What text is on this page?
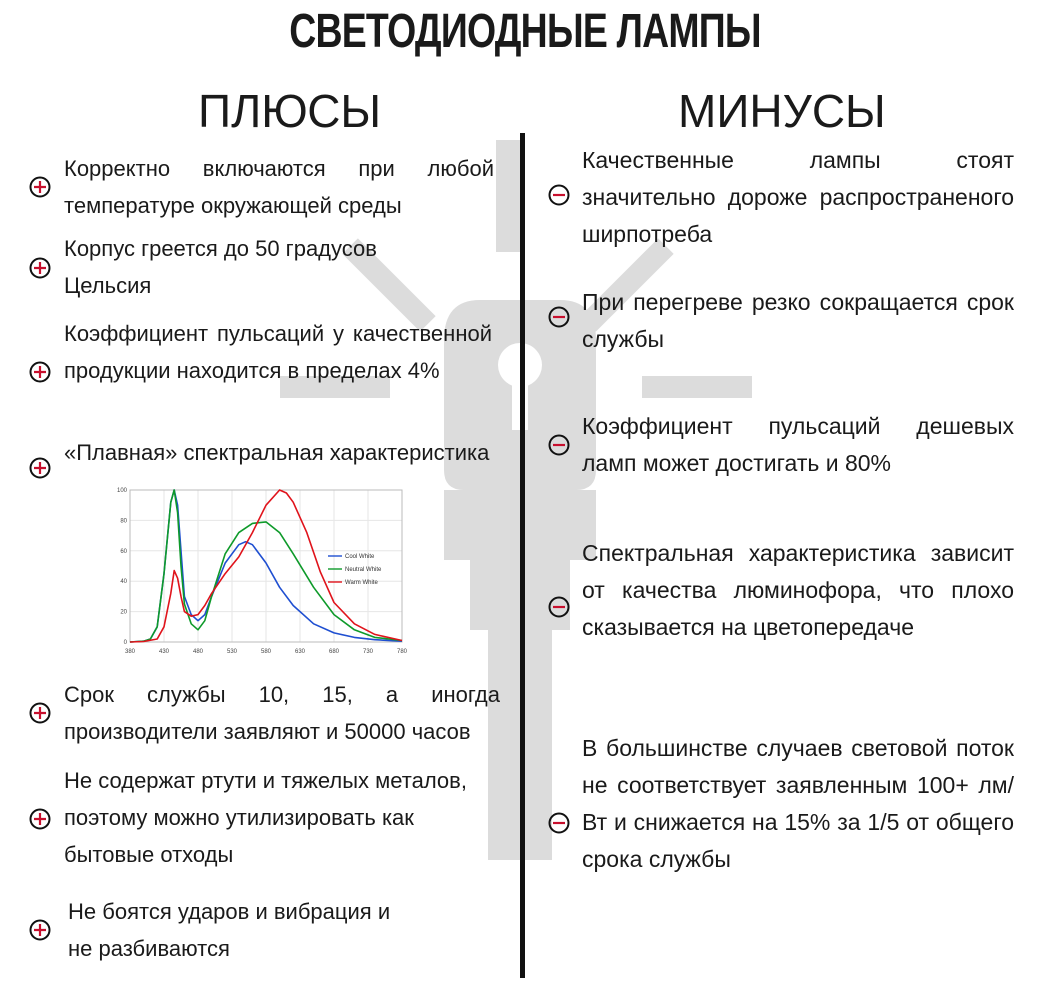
СВЕТОДИОДНЫЕ ЛАМПЫ
ПЛЮСЫ	МИНУСЫ
Корректно включаются при любой температуре окружающей среды
Корпус греется до 50 градусов Цельсия
Коэффициент пульсаций у качественной продукции находится в пределах 4%
«Плавная» спектральная характеристика
380	430	480	530	580	630	680	730	780
0
20
40
60
80
100
Cool White
Neutral White
Warm White
Срок службы 10, 15, а иногда производители заявляют и 50000 часов
Не содержат ртути и тяжелых металов, поэтому можно утилизировать как бытовые отходы
Не боятся ударов и вибрация и не разбиваются
Качественные лампы стоят значительно дороже распространеного ширпотреба
При перегреве резко сокращается срок службы
Коэффициент пульсаций дешевых ламп может достигать и 80%
Спектральная характеристика зависит от качества люминофора, что плохо сказывается на цветопередаче
В большинстве случаев световой поток не соответствует заявленным 100+ лм/Вт и снижается на 15% за 1/5 от общего срока службы
